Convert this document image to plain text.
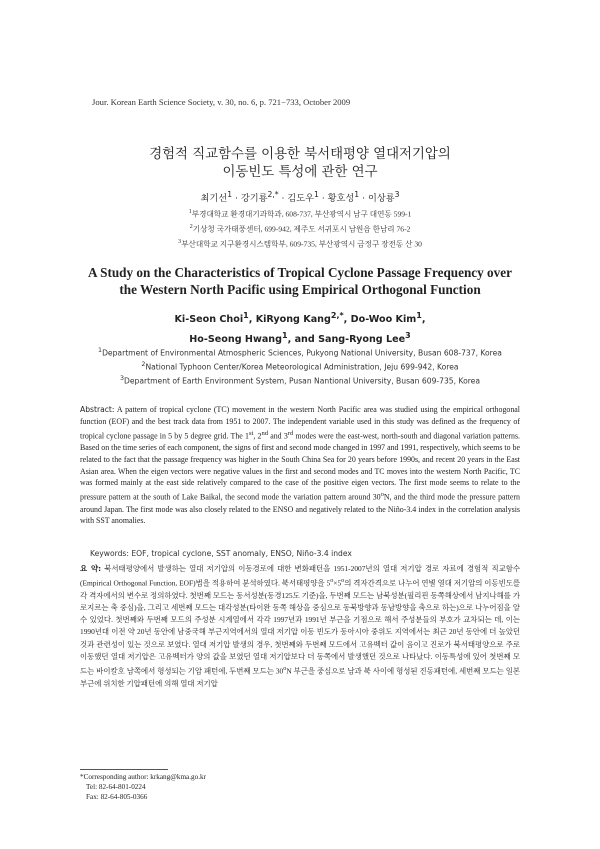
Jour. Korean Earth Science Society, v. 30, no. 6, p. 721−733, October 2009
경험적 직교함수를 이용한 북서태평양 열대저기압의
이동빈도 특성에 관한 연구
최기선$^1$ · 강기룡$^{2,*}$ · 김도우$^1$ · 황호성$^1$ · 이상룡$^3$
$^1$부경대학교 환경대기과학과, 608-737, 부산광역시 남구 대연동 599-1
$^2$기상청 국가태풍센터, 699-942, 제주도 서귀포시 남원읍 한남리 76-2
$^3$부산대학교 지구환경시스템학부, 609-735, 부산광역시 금정구 장전동 산 30
A Study on the Characteristics of Tropical Cyclone Passage Frequency over
the Western North Pacific using Empirical Orthogonal Function
Ki-Seon Choi$^1$, KiRyong Kang$^{2,*}$, Do-Woo Kim$^1$,
Ho-Seong Hwang$^1$, and Sang-Ryong Lee$^3$
$^1$Department of Environmental Atmospheric Sciences, Pukyong National University, Busan 608-737, Korea
$^2$National Typhoon Center/Korea Meteorological Administration, Jeju 699-942, Korea
$^3$Department of Earth Environment System, Pusan Nantional University, Busan 609-735, Korea
Abstract: A pattern of tropical cyclone (TC) movement in the western North Pacific area was studied using the empirical orthogonal function (EOF) and the best track data from 1951 to 2007. The independent variable used in this study was defined as the frequency of tropical cyclone passage in 5 by 5 degree grid. The 1st, 2nd and 3rd modes were the east-west, north-south and diagonal variation patterns. Based on the time series of each component, the signs of first and second mode changed in 1997 and 1991, respectively, which seems to be related to the fact that the passage frequency was higher in the South China Sea for 20 years before 1990s, and recent 20 years in the East Asian area. When the eigen vectors were negative values in the first and second modes and TC moves into the western North Pacific, TC was formed mainly at the east side relatively compared to the case of the positive eigen vectors. The first mode seems to relate to the pressure pattern at the south of Lake Baikal, the second mode the variation pattern around 30$^o$N, and the third mode the pressure pattern around Japan. The first mode was also closely related to the ENSO and negatively related to the Niño-3.4 index in the correlation analysis with SST anomalies.
Keywords: EOF, tropical cyclone, SST anomaly, ENSO, Niño-3.4 index
요 약: 북서태평양에서 발생하는 열대 저기압의 이동경로에 대한 변화패턴을 1951-2007년의 열대 저기압 경로 자료에 경험적 직교함수(Empirical Orthogonal Function, EOF)법을 적용하여 분석하였다. 북서태평양을 $5^o\times 5^o$의 격자간격으로 나누어 연별 열대 저기압의 이동빈도를 각 격자에서의 변수로 정의하였다. 첫번째 모드는 동서성분(동경125도 기준)을, 두번째 모드는 남북성분(필리핀 동쪽해상에서 남지나해를 가로지르는 축 중심)을, 그리고 세번째 모드는 대각성분(타이완 동쪽 해상을 중심으로 동북방향과 동남방향을 축으로 하는)으로 나누어짐을 알 수 있었다. 첫번째와 두번째 모드의 주성분 시계열에서 각각 1997년과 1991년 부근을 기점으로 해서 주성분들의 부호가 교차되는 데, 이는 1990년대 이전 약 20년 동안에 남중국해 부근지역에서의 열대 저기압 이동 빈도가 동아시아 중위도 지역에서는 최근 20년 동안에 더 높았던 것과 관련성이 있는 것으로 보였다. 열대 저기압 발생의 경우, 첫번째와 두번째 모드에서 고유벡터 값이 음이고 진로가 북서태평양으로 주로 이동했던 열대 저기압은 고유벡터가 양의 값을 보였던 열대 저기압보다 더 동쪽에서 발생했던 것으로 나타났다. 이동특성에 있어 첫번째 모드는 바이칼호 남쪽에서 형성되는 기압 패턴에, 두번째 모드는 30$^o$N 부근을 중심으로 남과 북 사이에 형성된 진동패턴에, 세번째 모드는 일본 부근에 위치한 기압패턴에 의해 열대 저기압
*Corresponding author: krkang@kma.go.kr
Tel: 82-64-801-0224
Fax: 82-64-805-0366
